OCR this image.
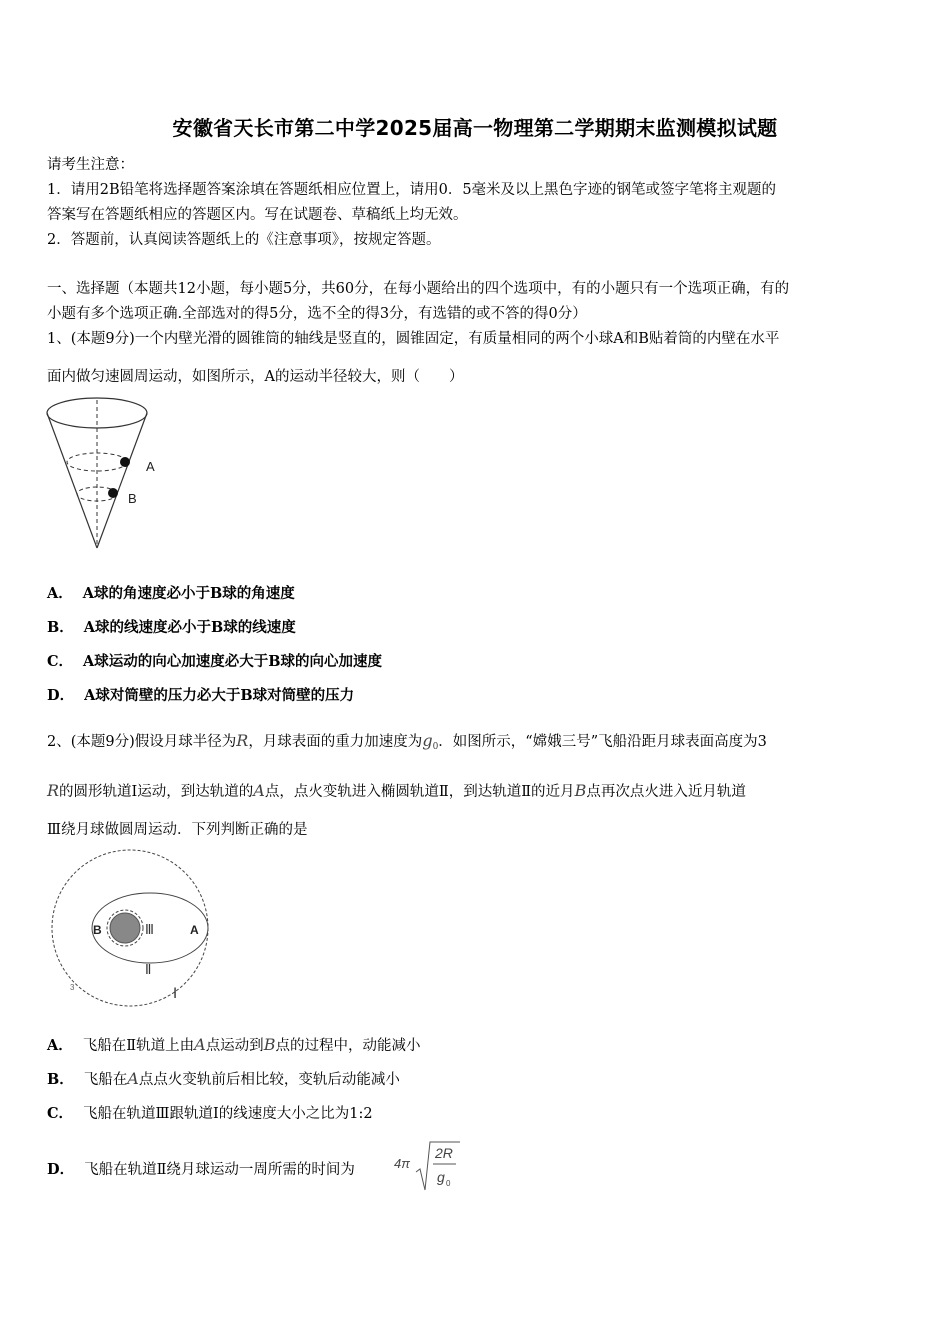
安徽省天长市第二中学2025届高一物理第二学期期末监测模拟试题
请考生注意：
1．请用2B铅笔将选择题答案涂填在答题纸相应位置上，请用0．5毫米及以上黑色字迹的钢笔或签字笔将主观题的
答案写在答题纸相应的答题区内。写在试题卷、草稿纸上均无效。
2．答题前，认真阅读答题纸上的《注意事项》，按规定答题。
一、选择题（本题共12小题，每小题5分，共60分，在每小题给出的四个选项中，有的小题只有一个选项正确，有的
小题有多个选项正确.全部选对的得5分，选不全的得3分，有选错的或不答的得0分）
1、(本题9分)一个内壁光滑的圆锥筒的轴线是竖直的，圆锥固定，有质量相同的两个小球A和B贴着筒的内壁在水平
面内做匀速圆周运动，如图所示，A的运动半径较大，则（　　）
A
B
A． A球的角速度必小于B球的角速度
B． A球的线速度必小于B球的线速度
C． A球运动的向心加速度必大于B球的向心加速度
D． A球对筒壁的压力必大于B球对筒壁的压力
2、(本题9分)假设月球半径为R，月球表面的重力加速度为$g_0$．如图所示，“嫦娥三号”飞船沿距月球表面高度为3
R的圆形轨道Ⅰ运动，到达轨道的A点，点火变轨进入椭圆轨道Ⅱ，到达轨道Ⅱ的近月B点再次点火进入近月轨道
Ⅲ绕月球做圆周运动．下列判断正确的是
B	A
Ⅲ
Ⅱ
Ⅰ
3
A． 飞船在Ⅱ轨道上由A点运动到B点的过程中，动能减小
B． 飞船在A点点火变轨前后相比较，变轨后动能减小
C． 飞船在轨道Ⅲ跟轨道Ⅰ的线速度大小之比为1:2
D． 飞船在轨道Ⅱ绕月球运动一周所需的时间为	4π
2R
g 0
